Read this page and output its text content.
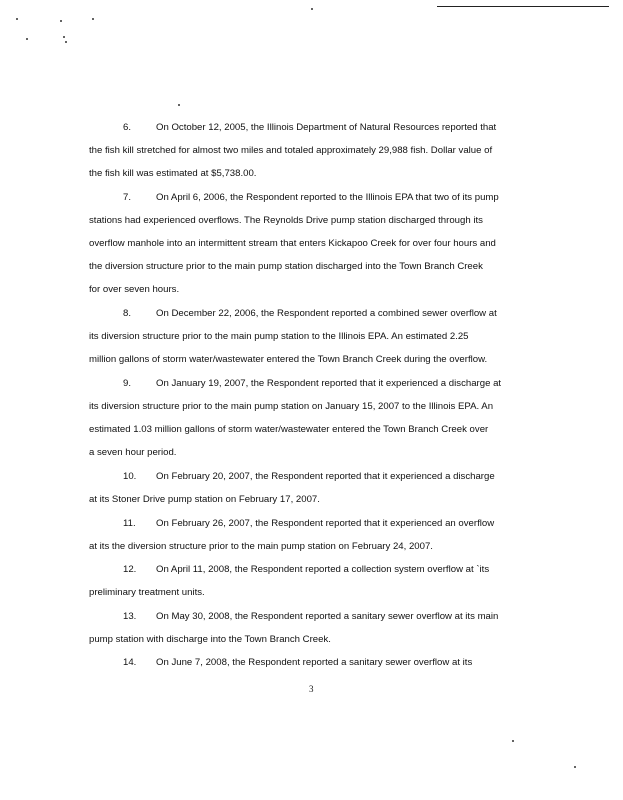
6.	On October 12, 2005, the Illinois Department of Natural Resources reported that
the fish kill stretched for almost two miles and totaled approximately 29,988 fish. Dollar value of
the fish kill was estimated at $5,738.00.
7.	On April 6, 2006, the Respondent reported to the Illinois EPA that two of its pump
stations had experienced overflows. The Reynolds Drive pump station discharged through its
overflow manhole into an intermittent stream that enters Kickapoo Creek for over four hours and
the diversion structure prior to the main pump station discharged into the Town Branch Creek
for over seven hours.
8.	On December 22, 2006, the Respondent reported a combined sewer overflow at
its diversion structure prior to the main pump station to the Illinois EPA. An estimated 2.25
million gallons of storm water/wastewater entered the Town Branch Creek during the overflow.
9.	On January 19, 2007, the Respondent reported that it experienced a discharge at
its diversion structure prior to the main pump station on January 15, 2007 to the Illinois EPA. An
estimated 1.03 million gallons of storm water/wastewater entered the Town Branch Creek over
a seven hour period.
10. On February 20, 2007, the Respondent reported that it experienced a discharge
at its Stoner Drive pump station on February 17, 2007.
11. On February 26, 2007, the Respondent reported that it experienced an overflow
at its the diversion structure prior to the main pump station on February 24, 2007.
12. On April 11, 2008, the Respondent reported a collection system overflow at `its
preliminary treatment units.
13. On May 30, 2008, the Respondent reported a sanitary sewer overflow at its main
pump station with discharge into the Town Branch Creek.
14. On June 7, 2008, the Respondent reported a sanitary sewer overflow at its
3
